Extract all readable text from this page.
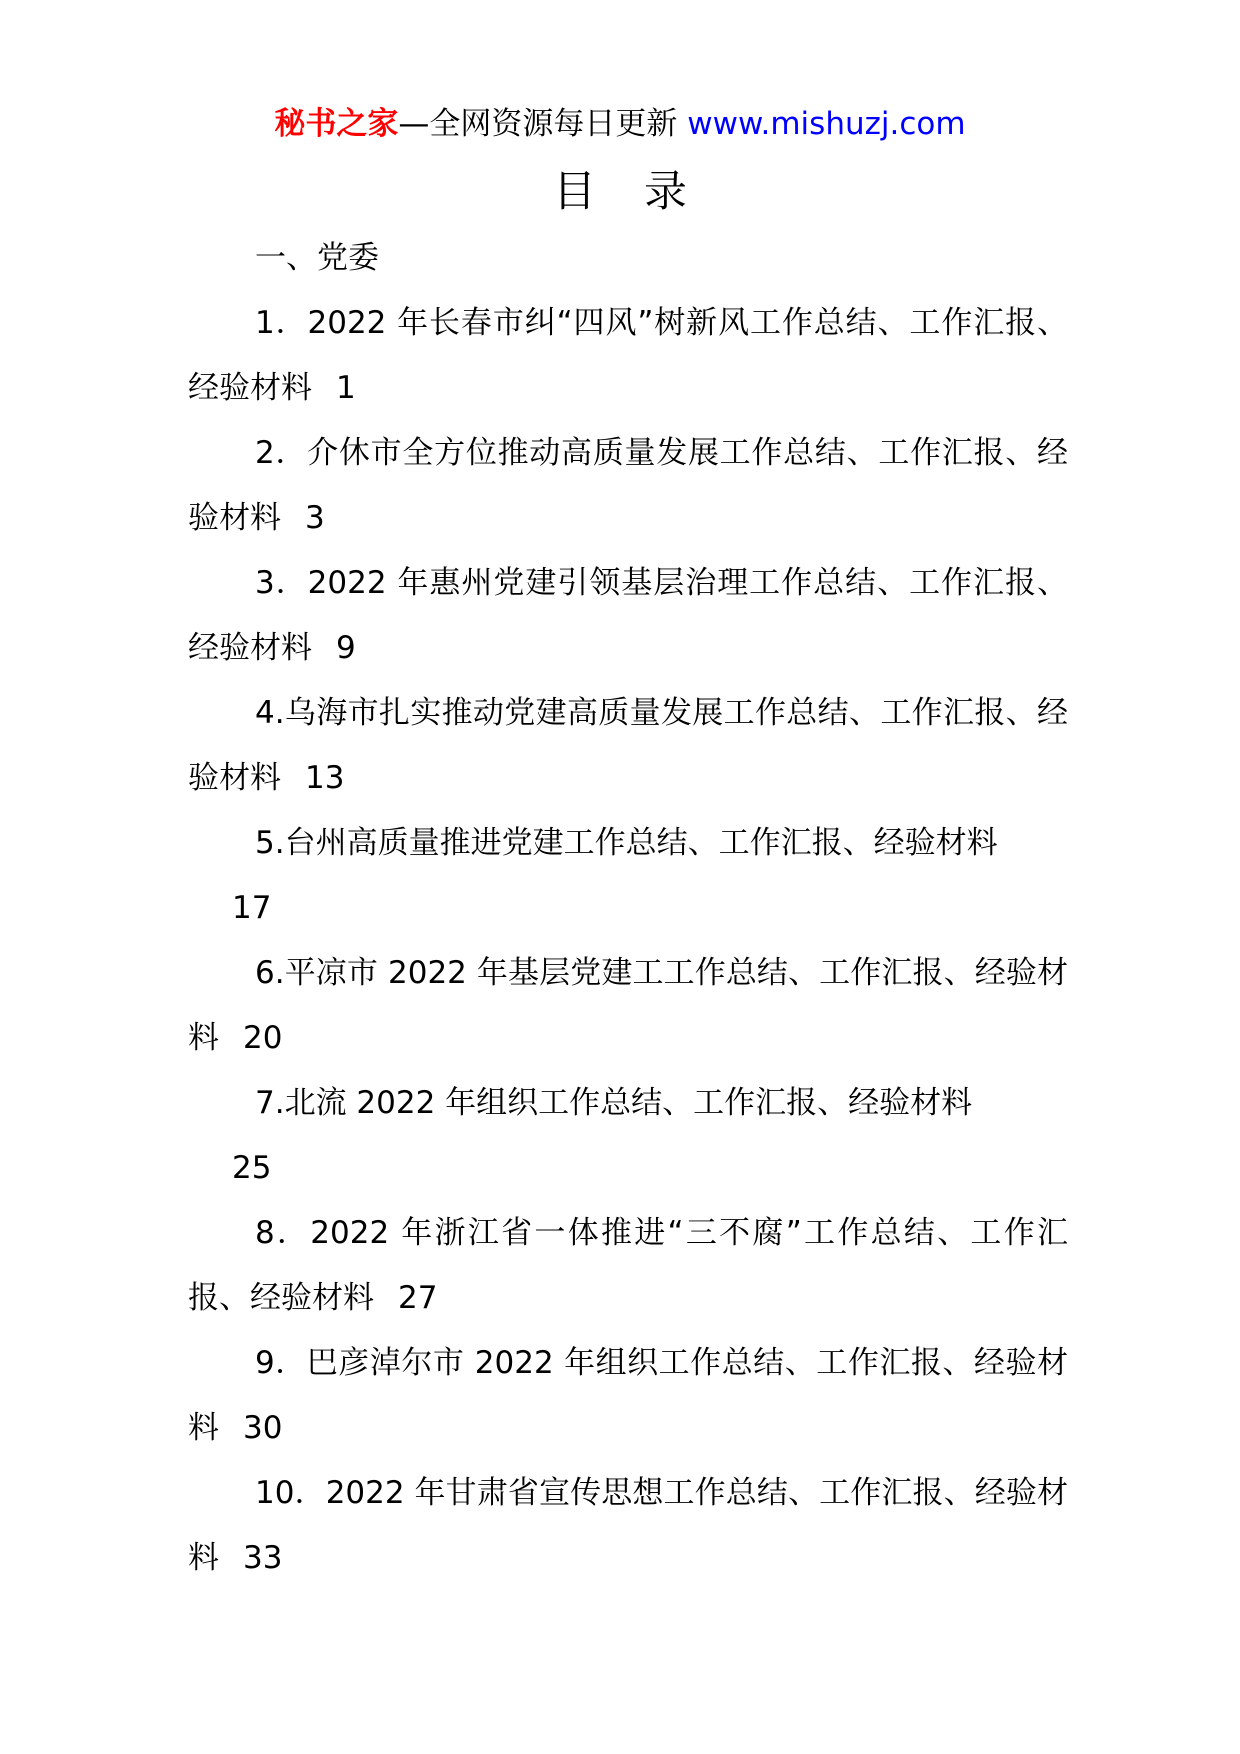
秘书之家—全网资源每日更新 www.mishuzj.com
目 录
一、党委
1．2022 年长春市纠“四风”树新风工作总结、工作汇报、经验材料 1
2．介休市全方位推动高质量发展工作总结、工作汇报、经验材料 3
3．2022 年惠州党建引领基层治理工作总结、工作汇报、经验材料 9
4.乌海市扎实推动党建高质量发展工作总结、工作汇报、经验材料 13
5.台州高质量推进党建工作总结、工作汇报、经验材料
17
6.平凉市 2022 年基层党建工工作总结、工作汇报、经验材料 20
7.北流 2022 年组织工作总结、工作汇报、经验材料
25
8．2022 年浙江省一体推进“三不腐”工作总结、工作汇报、经验材料 27
9．巴彦淖尔市 2022 年组织工作总结、工作汇报、经验材料 30
10．2022 年甘肃省宣传思想工作总结、工作汇报、经验材料 33
